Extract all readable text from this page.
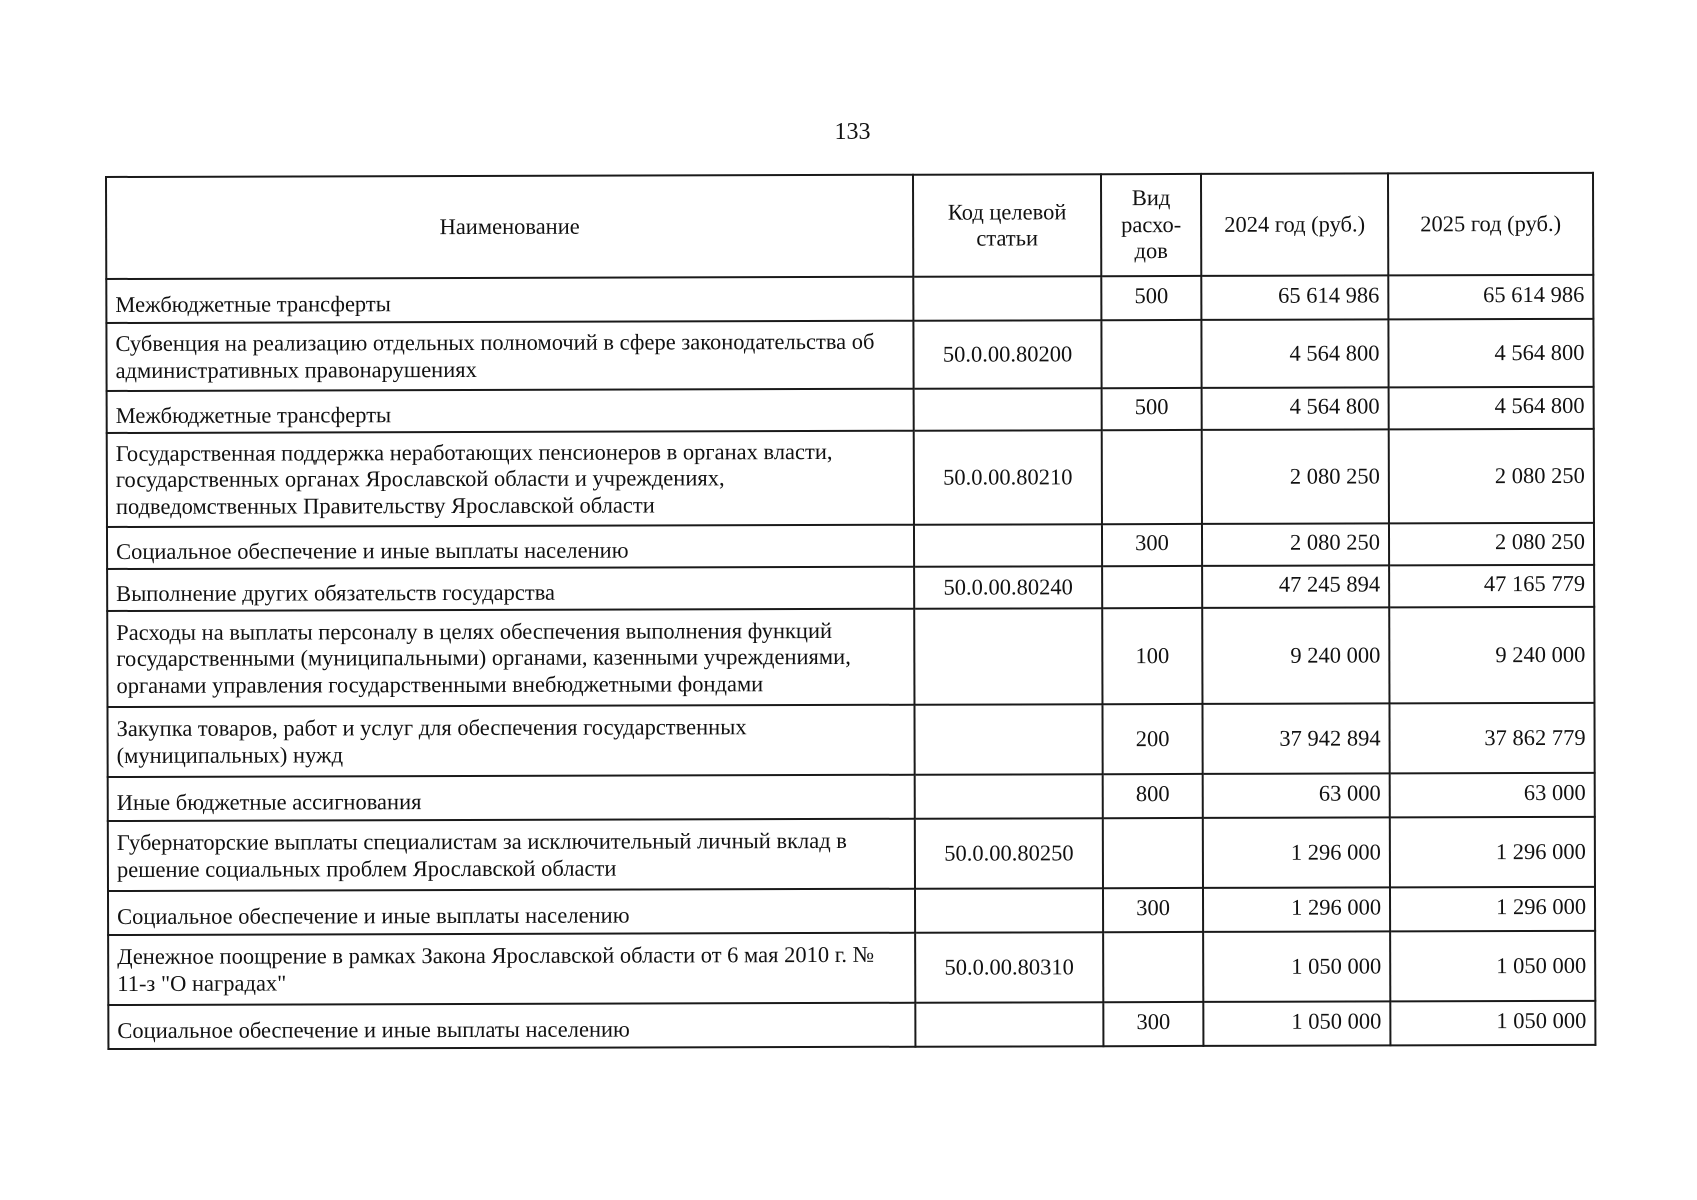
133
Наименование	Код целевой статьи	Вид расхо-дов	2024 год (руб.)	2025 год (руб.)
Межбюджетные трансферты		500	65 614 986	65 614 986
Субвенция на реализацию отдельных полномочий в сфере законодательства об административных правонарушениях	50.0.00.80200		4 564 800	4 564 800
Межбюджетные трансферты		500	4 564 800	4 564 800
Государственная поддержка неработающих пенсионеров в органах власти, государственных органах Ярославской области и учреждениях, подведомственных Правительству Ярославской области	50.0.00.80210		2 080 250	2 080 250
Социальное обеспечение и иные выплаты населению		300	2 080 250	2 080 250
Выполнение других обязательств государства	50.0.00.80240		47 245 894	47 165 779
Расходы на выплаты персоналу в целях обеспечения выполнения функций государственными (муниципальными) органами, казенными учреждениями, органами управления государственными внебюджетными фондами		100	9 240 000	9 240 000
Закупка товаров, работ и услуг для обеспечения государственных (муниципальных) нужд		200	37 942 894	37 862 779
Иные бюджетные ассигнования		800	63 000	63 000
Губернаторские выплаты специалистам за исключительный личный вклад в решение социальных проблем Ярославской области	50.0.00.80250		1 296 000	1 296 000
Социальное обеспечение и иные выплаты населению		300	1 296 000	1 296 000
Денежное поощрение в рамках Закона Ярославской области от 6 мая 2010 г. № 11-з "О наградах"	50.0.00.80310		1 050 000	1 050 000
Социальное обеспечение и иные выплаты населению		300	1 050 000	1 050 000
